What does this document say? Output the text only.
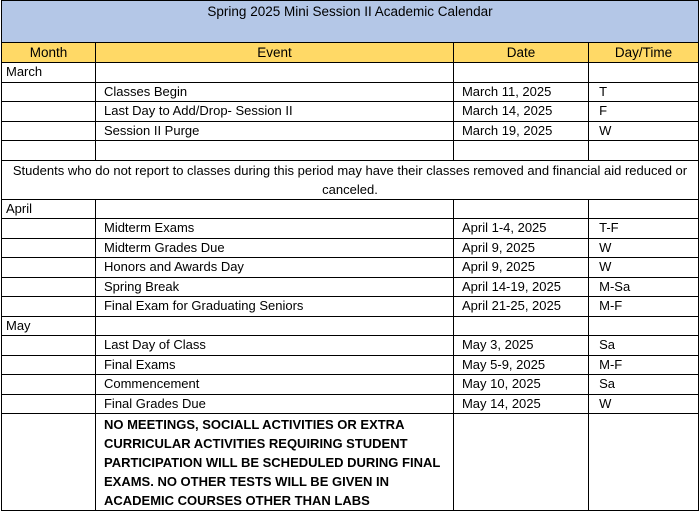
Spring 2025 Mini Session II Academic Calendar			
Month	Event	Date	Day/Time
March			
	Classes Begin	March 11, 2025	T
	Last Day to Add/Drop- Session II	March 14, 2025	F
	Session II Purge	March 19, 2025	W

Students who do not report to classes during this period may have their classes removed and financial aid reduced or canceled.			
April			
	Midterm Exams	April 1-4, 2025	T-F
	Midterm Grades Due	April 9, 2025	W
	Honors and Awards Day	April 9, 2025	W
	Spring Break	April 14-19, 2025	M-Sa
	Final Exam for Graduating Seniors	April 21-25, 2025	M-F
May			
	Last Day of Class	May 3, 2025	Sa
	Final Exams	May 5-9, 2025	M-F
	Commencement	May 10, 2025	Sa
	Final Grades Due	May 14, 2025	W
	NO MEETINGS, SOCIALL ACTIVITIES OR EXTRA CURRICULAR ACTIVITIES REQUIRING STUDENT PARTICIPATION WILL BE SCHEDULED DURING FINAL EXAMS. NO OTHER TESTS WILL BE GIVEN IN ACADEMIC COURSES OTHER THAN LABS		
